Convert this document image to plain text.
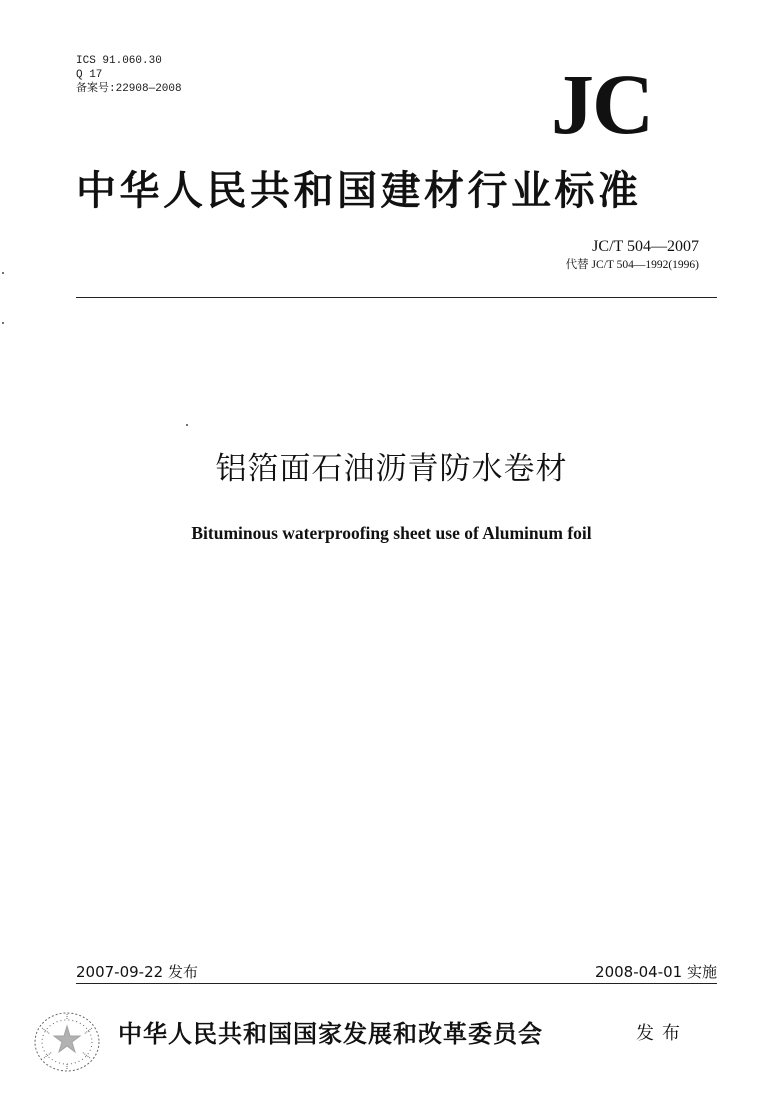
ICS 91.060.30
Q 17
备案号:22908—2008	JC
中华人民共和国建材行业标准
JC/T 504—2007
代替 JC/T 504—1992(1996)
铝箔面石油沥青防水卷材
Bituminous waterproofing sheet use of Aluminum foil
2007-09-22 发布	2008-04-01 实施
中华人民共和国国家发展和改革委员会	发布
